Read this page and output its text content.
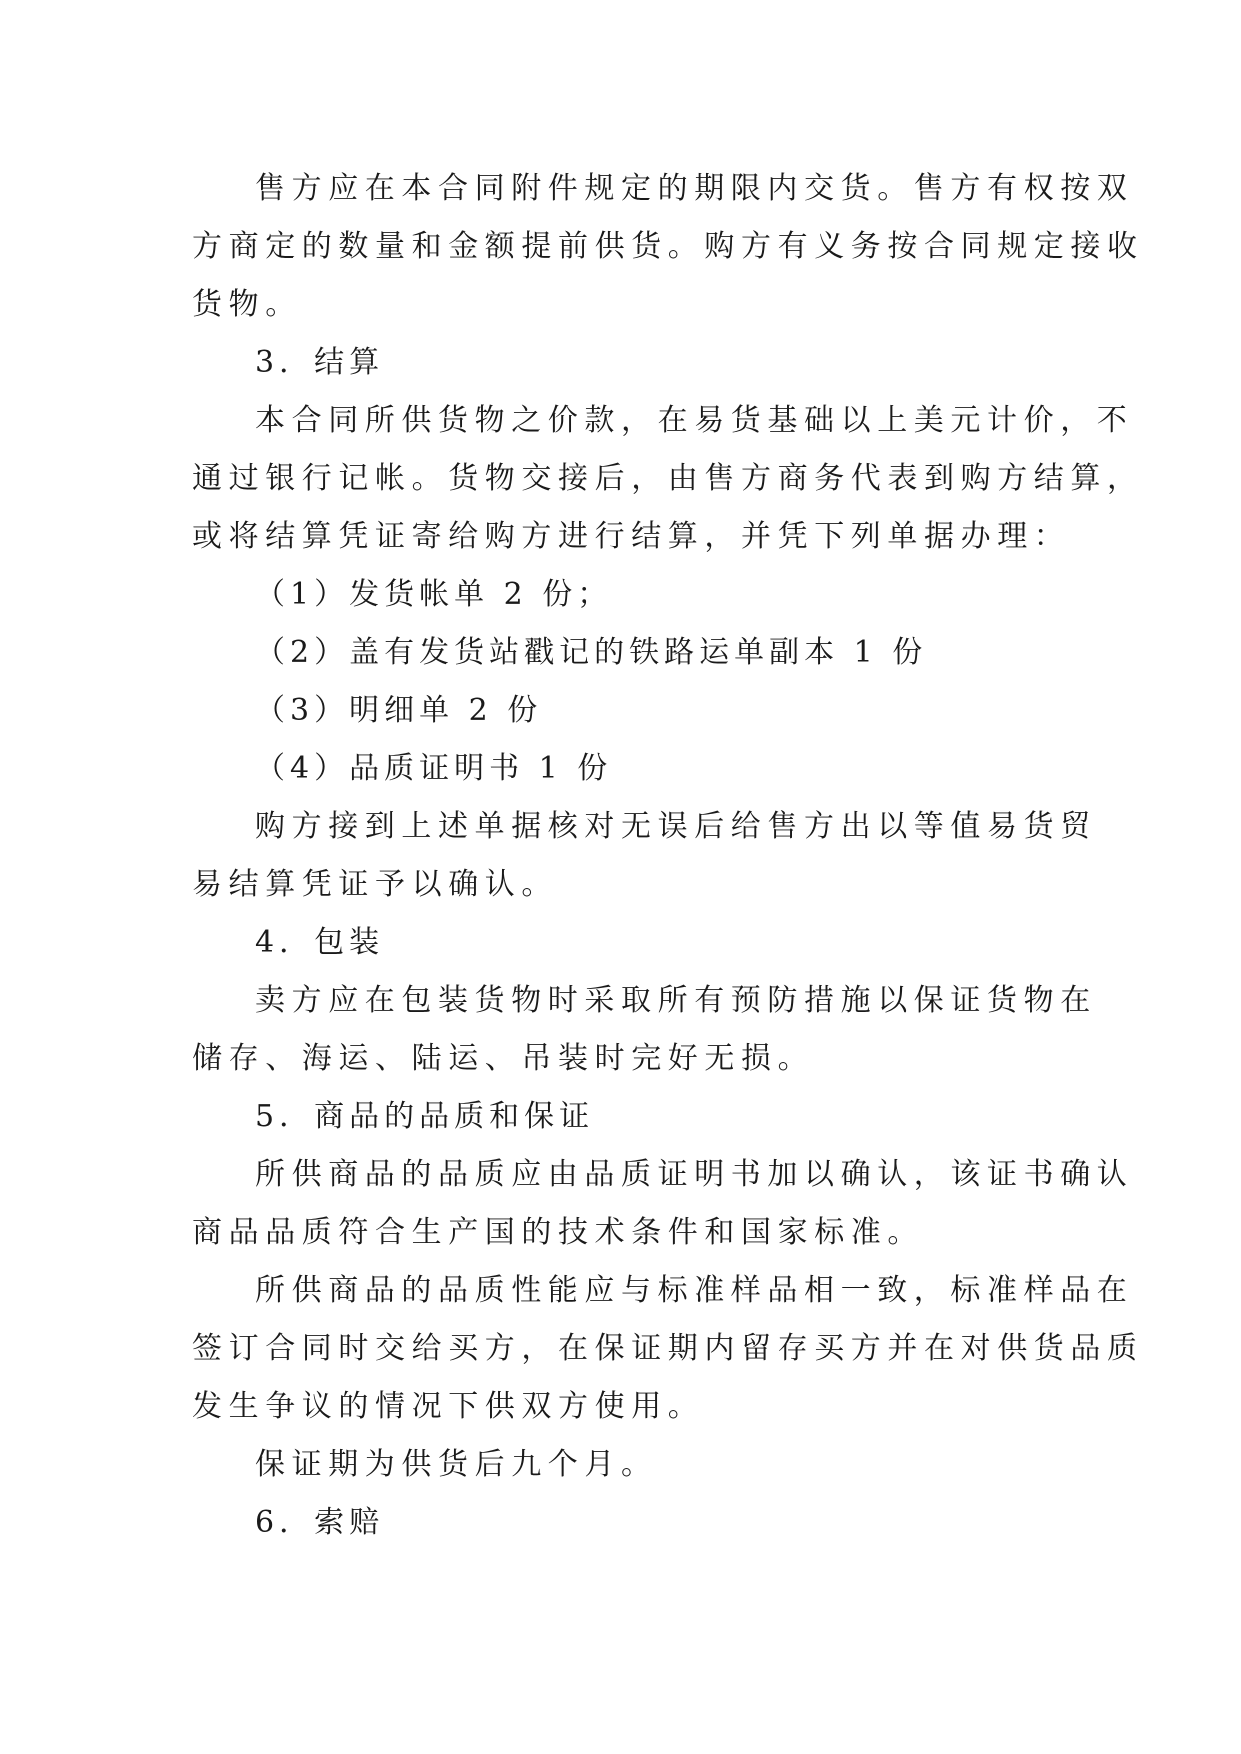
售方应在本合同附件规定的期限内交货。售方有权按双
方商定的数量和金额提前供货。购方有义务按合同规定接收
货物。
3．结算
本合同所供货物之价款，在易货基础以上美元计价，不
通过银行记帐。货物交接后，由售方商务代表到购方结算，
或将结算凭证寄给购方进行结算，并凭下列单据办理：
（1）发货帐单 2 份；
（2）盖有发货站戳记的铁路运单副本 1 份
（3）明细单 2 份
（4）品质证明书 1 份
购方接到上述单据核对无误后给售方出以等值易货贸
易结算凭证予以确认。
4．包装
卖方应在包装货物时采取所有预防措施以保证货物在
储存、海运、陆运、吊装时完好无损。
5．商品的品质和保证
所供商品的品质应由品质证明书加以确认，该证书确认
商品品质符合生产国的技术条件和国家标准。
所供商品的品质性能应与标准样品相一致，标准样品在
签订合同时交给买方，在保证期内留存买方并在对供货品质
发生争议的情况下供双方使用。
保证期为供货后九个月。
6．索赔
